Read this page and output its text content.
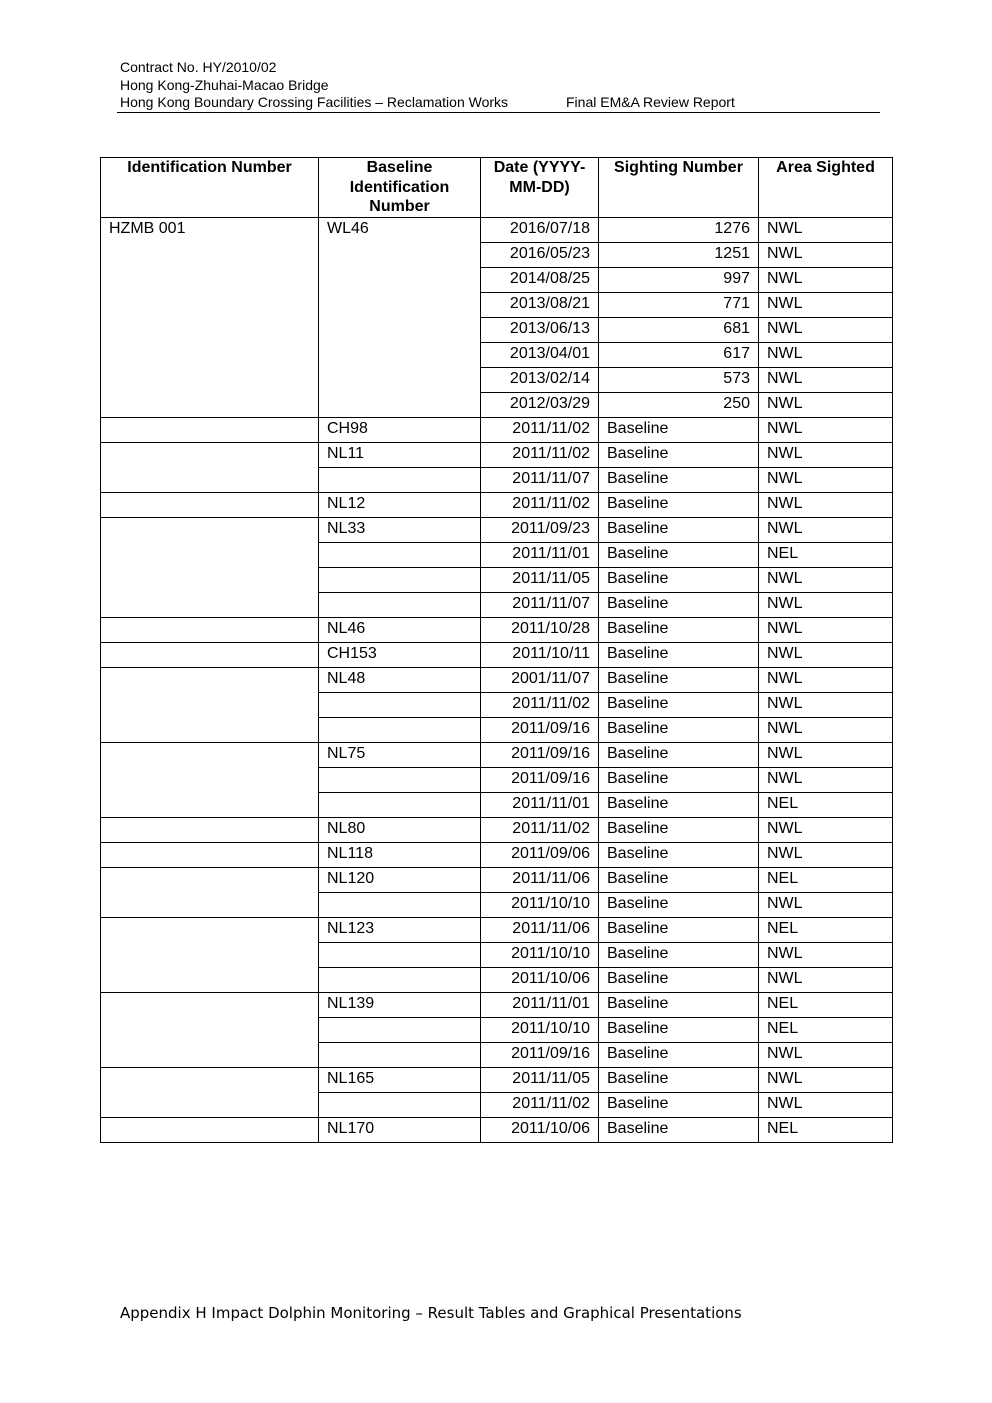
Contract No. HY/2010/02
Hong Kong-Zhuhai-Macao Bridge
Hong Kong Boundary Crossing Facilities – Reclamation Works	Final EM&A Review Report
Identification Number	Baseline Identification Number	Date (YYYY-MM-DD)	Sighting Number	Area Sighted
HZMB 001	WL46	2016/07/18	1276	NWL
		2016/05/23	1251	NWL
		2014/08/25	997	NWL
		2013/08/21	771	NWL
		2013/06/13	681	NWL
		2013/04/01	617	NWL
		2013/02/14	573	NWL
		2012/03/29	250	NWL
	CH98	2011/11/02	Baseline	NWL
	NL11	2011/11/02	Baseline	NWL
		2011/11/07	Baseline	NWL
	NL12	2011/11/02	Baseline	NWL
	NL33	2011/09/23	Baseline	NWL
		2011/11/01	Baseline	NEL
		2011/11/05	Baseline	NWL
		2011/11/07	Baseline	NWL
	NL46	2011/10/28	Baseline	NWL
	CH153	2011/10/11	Baseline	NWL
	NL48	2001/11/07	Baseline	NWL
		2011/11/02	Baseline	NWL
		2011/09/16	Baseline	NWL
	NL75	2011/09/16	Baseline	NWL
		2011/09/16	Baseline	NWL
		2011/11/01	Baseline	NEL
	NL80	2011/11/02	Baseline	NWL
	NL118	2011/09/06	Baseline	NWL
	NL120	2011/11/06	Baseline	NEL
		2011/10/10	Baseline	NWL
	NL123	2011/11/06	Baseline	NEL
		2011/10/10	Baseline	NWL
		2011/10/06	Baseline	NWL
	NL139	2011/11/01	Baseline	NEL
		2011/10/10	Baseline	NEL
		2011/09/16	Baseline	NWL
	NL165	2011/11/05	Baseline	NWL
		2011/11/02	Baseline	NWL
	NL170	2011/10/06	Baseline	NEL
Appendix H Impact Dolphin Monitoring – Result Tables and Graphical Presentations
